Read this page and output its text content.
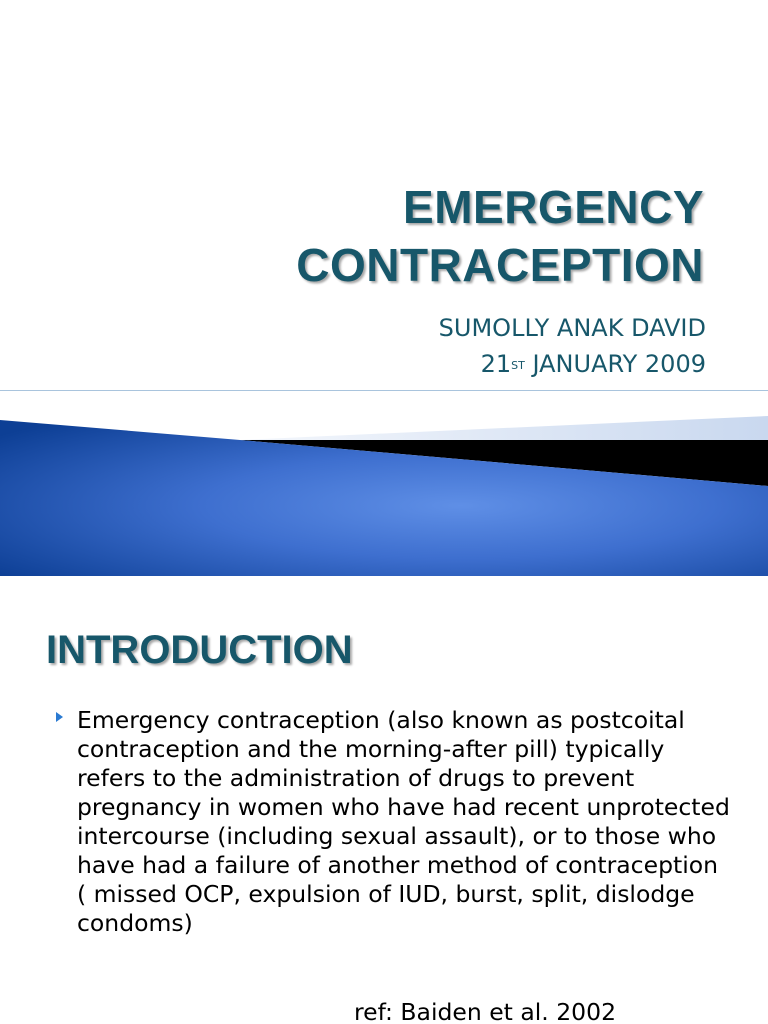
EMERGENCY
CONTRACEPTION
SUMOLLY ANAK DAVID
21ST JANUARY 2009
INTRODUCTION
Emergency contraception (also known as postcoital contraception and the morning-after pill) typically refers to the administration of drugs to prevent pregnancy in women who have had recent unprotected intercourse (including sexual assault), or to those who have had a failure of another method of contraception ( missed OCP, expulsion of IUD, burst, split, dislodge condoms)
ref: Baiden et al. 2002
